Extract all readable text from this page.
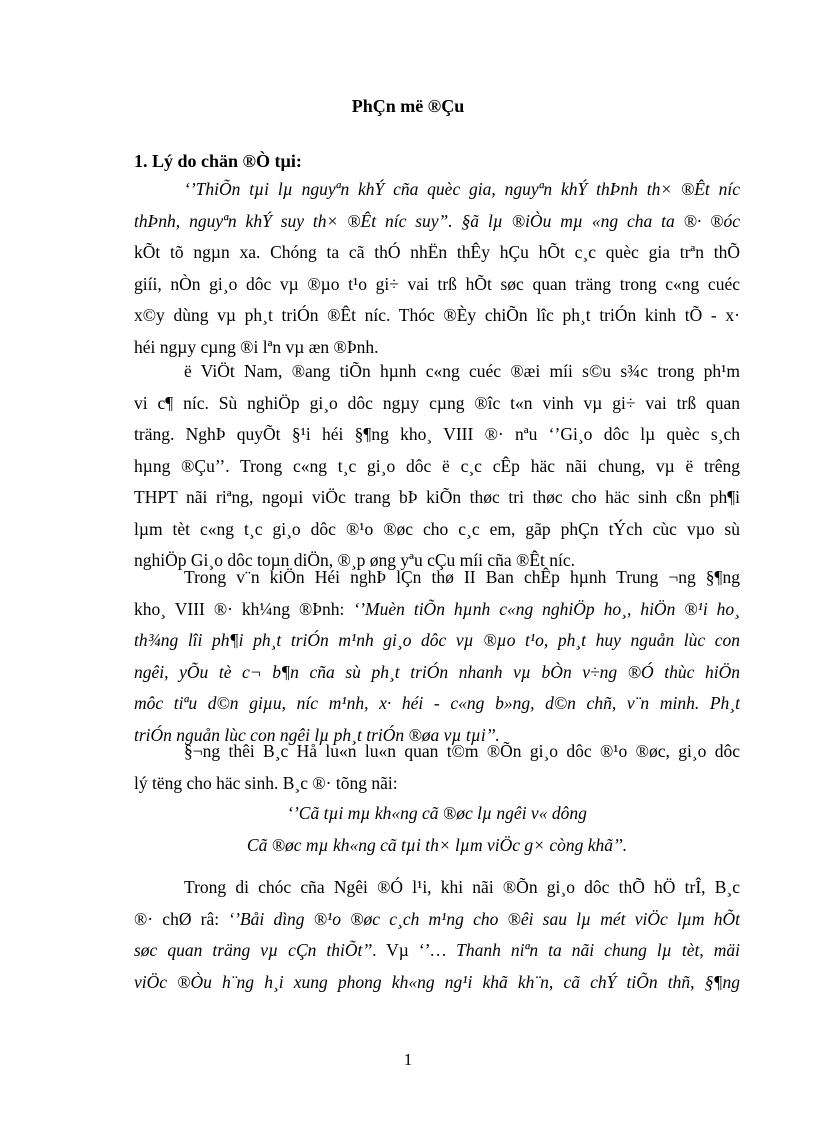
PhÇn më ®Çu
1. Lý do chän ®Ò tµi:
‘’ThiÕn tµi lµ nguyªn khÝ cña quèc gia, nguyªn khÝ thÞnh th× ®Êt níc
thÞnh, nguyªn khÝ suy th× ®Êt níc suy”. §ã lµ ®iÒu mµ «ng cha ta ®· ®óc
kÕt tõ ngµn xa. Chóng ta cã thÓ nhËn thÊy hÇu hÕt c¸c quèc gia trªn thÕ
giíi, nÒn gi¸o dôc vµ ®µo t¹o gi÷ vai trß hÕt søc quan träng trong c«ng cuéc
x©y dùng vµ ph¸t triÓn ®Êt níc. Thóc ®Èy chiÕn lîc ph¸t triÓn kinh tÕ - x·
héi ngµy cµng ®i lªn vµ æn ®Þnh.
ë ViÖt Nam, ®ang tiÕn hµnh c«ng cuéc ®æi míi s©u s¾c trong ph¹m
vi c¶ níc. Sù nghiÖp gi¸o dôc ngµy cµng ®îc t«n vinh vµ gi÷ vai trß quan
träng. NghÞ quyÕt §¹i héi §¶ng kho¸ VIII ®· nªu ‘’Gi¸o dôc lµ quèc s¸ch
hµng ®Çu’’. Trong c«ng t¸c gi¸o dôc ë c¸c cÊp häc nãi chung, vµ ë trêng
THPT nãi riªng, ngoµi viÖc trang bÞ kiÕn thøc tri thøc cho häc sinh cßn ph¶i
lµm tèt c«ng t¸c gi¸o dôc ®¹o ®øc cho c¸c em, gãp phÇn tÝch cùc vµo sù
nghiÖp Gi¸o dôc toµn diÖn, ®¸p øng yªu cÇu míi cña ®Êt níc.
Trong v¨n kiÖn Héi nghÞ lÇn thø II Ban chÊp hµnh Trung ¬ng §¶ng
kho¸ VIII ®· kh¼ng ®Þnh: ‘’Muèn tiÕn hµnh c«ng nghiÖp ho¸, hiÖn ®¹i ho¸
th¾ng lîi ph¶i ph¸t triÓn m¹nh gi¸o dôc vµ ®µo t¹o, ph¸t huy nguån lùc con
ngêi, yÕu tè c¬ b¶n cña sù ph¸t triÓn nhanh vµ bÒn v÷ng ®Ó thùc hiÖn
môc tiªu d©n giµu, níc m¹nh, x· héi - c«ng b»ng, d©n chñ, v¨n minh. Ph¸t
triÓn nguån lùc con ngêi lµ ph¸t triÓn ®øa vµ tµi’’.
§¬ng thêi B¸c Hå lu«n lu«n quan t©m ®Õn gi¸o dôc ®¹o ®øc, gi¸o dôc
lý tëng cho häc sinh. B¸c ®· tõng nãi:
‘’Cã tµi mµ kh«ng cã ®øc lµ ngêi v« dông
Cã ®øc mµ kh«ng cã tµi th× lµm viÖc g× còng khã’’.
Trong di chóc cña Ngêi ®Ó l¹i, khi nãi ®Õn gi¸o dôc thÕ hÖ trÎ, B¸c
®· chØ râ: ‘’Båi dìng ®¹o ®øc c¸ch m¹ng cho ®êi sau lµ mét viÖc lµm hÕt
søc quan träng vµ cÇn thiÕt’’. Vµ ‘’… Thanh niªn ta nãi chung lµ tèt, mäi
viÖc ®Òu h¨ng h¸i xung phong kh«ng ng¹i khã kh¨n, cã chÝ tiÕn thñ, §¶ng
1
